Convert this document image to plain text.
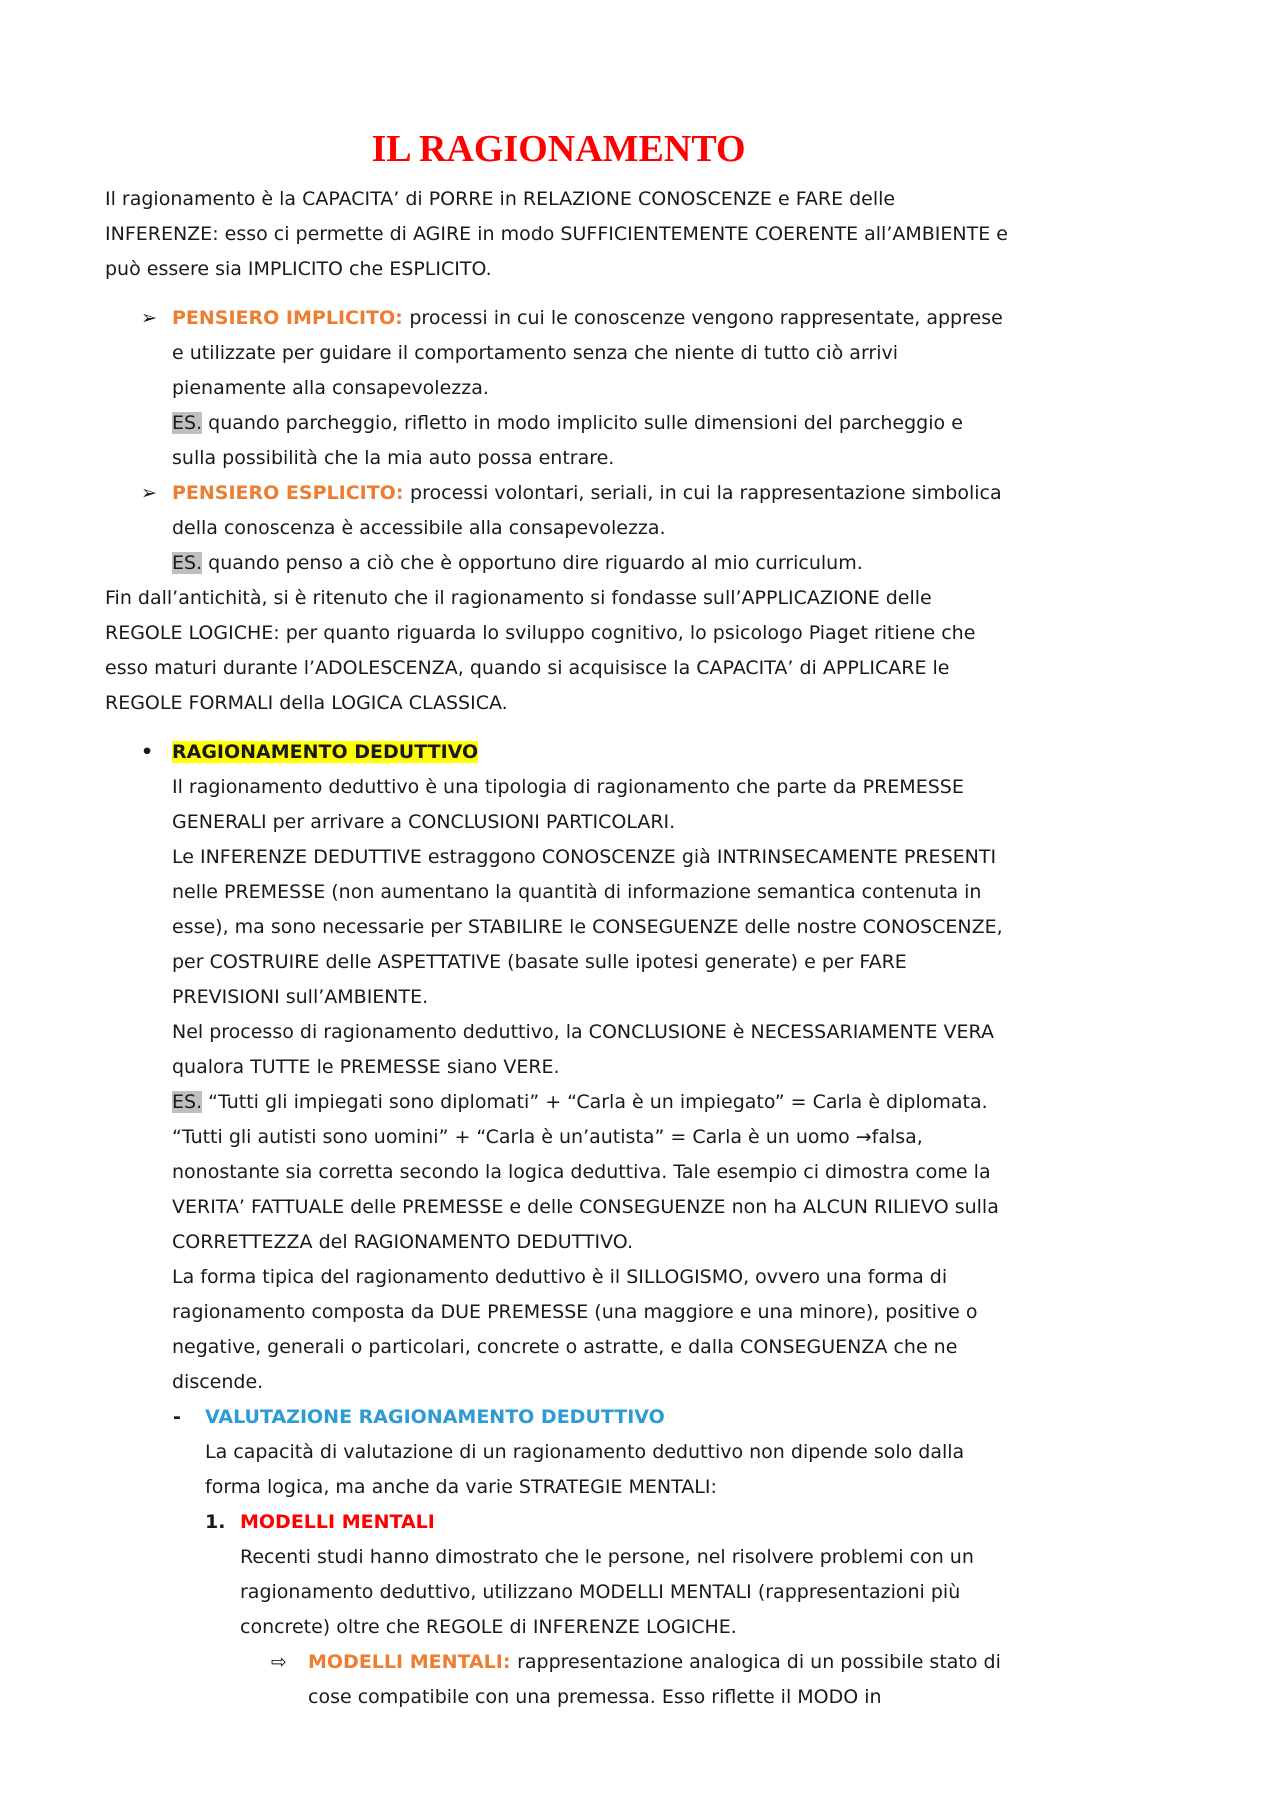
IL RAGIONAMENTO
Il ragionamento è la CAPACITA’ di PORRE in RELAZIONE CONOSCENZE e FARE delle INFERENZE: esso ci permette di AGIRE in modo SUFFICIENTEMENTE COERENTE all’AMBIENTE e può essere sia IMPLICITO che ESPLICITO.
➢ PENSIERO IMPLICITO: processi in cui le conoscenze vengono rappresentate, apprese e utilizzate per guidare il comportamento senza che niente di tutto ciò arrivi pienamente alla consapevolezza.
ES. quando parcheggio, rifletto in modo implicito sulle dimensioni del parcheggio e sulla possibilità che la mia auto possa entrare.
➢ PENSIERO ESPLICITO: processi volontari, seriali, in cui la rappresentazione simbolica della conoscenza è accessibile alla consapevolezza.
ES. quando penso a ciò che è opportuno dire riguardo al mio curriculum.
Fin dall’antichità, si è ritenuto che il ragionamento si fondasse sull’APPLICAZIONE delle REGOLE LOGICHE: per quanto riguarda lo sviluppo cognitivo, lo psicologo Piaget ritiene che esso maturi durante l’ADOLESCENZA, quando si acquisisce la CAPACITA’ di APPLICARE le REGOLE FORMALI della LOGICA CLASSICA.
• RAGIONAMENTO DEDUTTIVO
Il ragionamento deduttivo è una tipologia di ragionamento che parte da PREMESSE GENERALI per arrivare a CONCLUSIONI PARTICOLARI.
Le INFERENZE DEDUTTIVE estraggono CONOSCENZE già INTRINSECAMENTE PRESENTI nelle PREMESSE (non aumentano la quantità di informazione semantica contenuta in esse), ma sono necessarie per STABILIRE le CONSEGUENZE delle nostre CONOSCENZE, per COSTRUIRE delle ASPETTATIVE (basate sulle ipotesi generate) e per FARE PREVISIONI sull’AMBIENTE.
Nel processo di ragionamento deduttivo, la CONCLUSIONE è NECESSARIAMENTE VERA qualora TUTTE le PREMESSE siano VERE.
ES. “Tutti gli impiegati sono diplomati” + “Carla è un impiegato” = Carla è diplomata. “Tutti gli autisti sono uomini” + “Carla è un’autista” = Carla è un uomo →falsa, nonostante sia corretta secondo la logica deduttiva. Tale esempio ci dimostra come la VERITA’ FATTUALE delle PREMESSE e delle CONSEGUENZE non ha ALCUN RILIEVO sulla CORRETTEZZA del RAGIONAMENTO DEDUTTIVO.
La forma tipica del ragionamento deduttivo è il SILLOGISMO, ovvero una forma di ragionamento composta da DUE PREMESSE (una maggiore e una minore), positive o negative, generali o particolari, concrete o astratte, e dalla CONSEGUENZA che ne discende.
- VALUTAZIONE RAGIONAMENTO DEDUTTIVO
La capacità di valutazione di un ragionamento deduttivo non dipende solo dalla forma logica, ma anche da varie STRATEGIE MENTALI:
1. MODELLI MENTALI
Recenti studi hanno dimostrato che le persone, nel risolvere problemi con un ragionamento deduttivo, utilizzano MODELLI MENTALI (rappresentazioni più concrete) oltre che REGOLE di INFERENZE LOGICHE.
⇨ MODELLI MENTALI: rappresentazione analogica di un possibile stato di cose compatibile con una premessa. Esso riflette il MODO in
